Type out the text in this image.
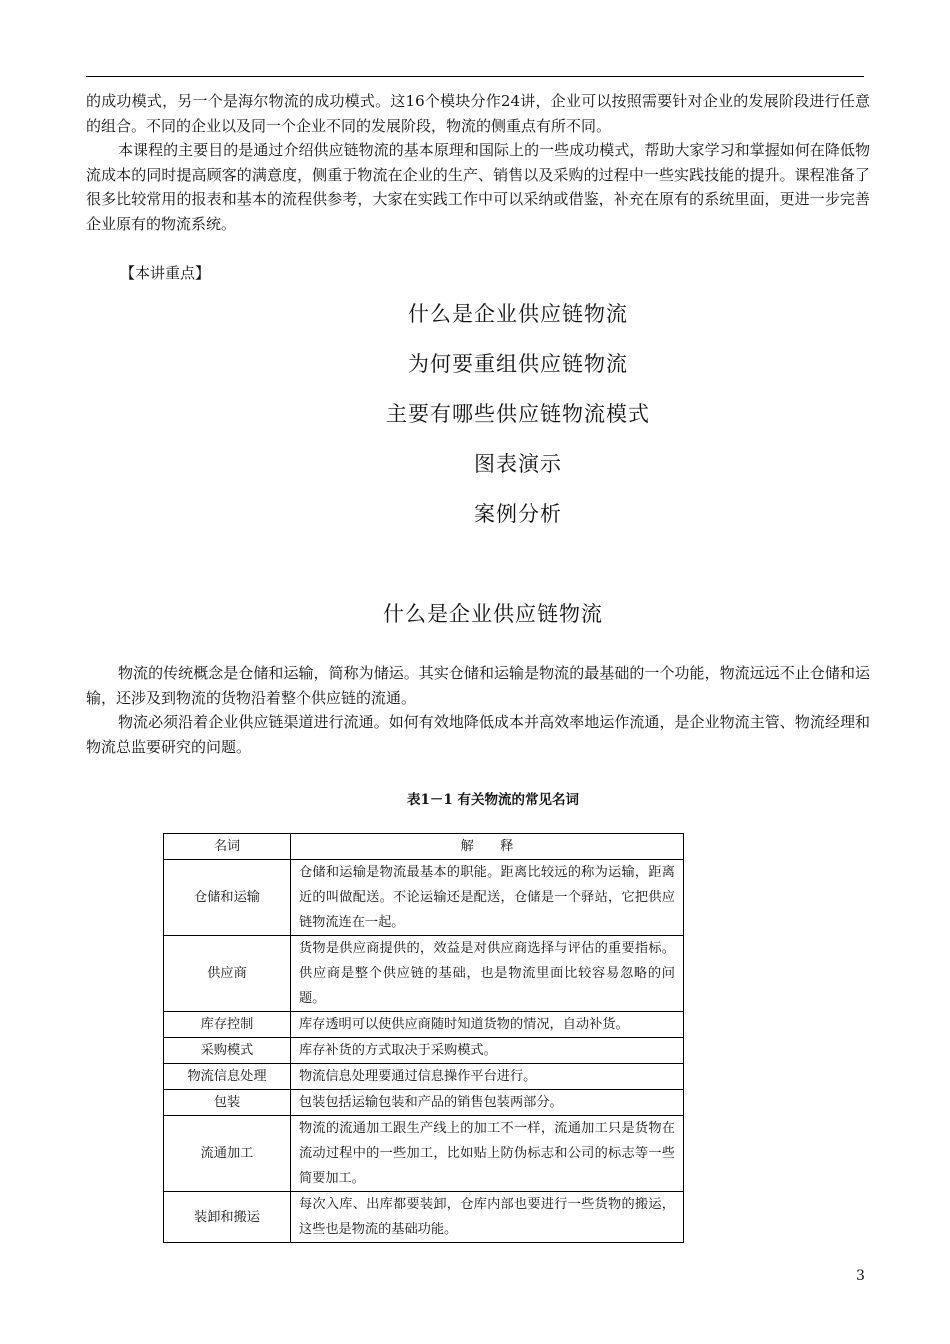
的成功模式，另一个是海尔物流的成功模式。这16个模块分作24讲，企业可以按照需要针对企业的发展阶段进行任意的组合。不同的企业以及同一个企业不同的发展阶段，物流的侧重点有所不同。

本课程的主要目的是通过介绍供应链物流的基本原理和国际上的一些成功模式，帮助大家学习和掌握如何在降低物流成本的同时提高顾客的满意度，侧重于物流在企业的生产、销售以及采购的过程中一些实践技能的提升。课程准备了很多比较常用的报表和基本的流程供参考，大家在实践工作中可以采纳或借鉴，补充在原有的系统里面，更进一步完善企业原有的物流系统。

【本讲重点】
什么是企业供应链物流
为何要重组供应链物流
主要有哪些供应链物流模式
图表演示
案例分析
什么是企业供应链物流

物流的传统概念是仓储和运输，简称为储运。其实仓储和运输是物流的最基础的一个功能，物流远远不止仓储和运输，还涉及到物流的货物沿着整个供应链的流通。

物流必须沿着企业供应链渠道进行流通。如何有效地降低成本并高效率地运作流通，是企业物流主管、物流经理和物流总监要研究的问题。

表1－1 有关物流的常见名词
名词	解　　释
仓储和运输	仓储和运输是物流最基本的职能。距离比较远的称为运输，距离近的叫做配送。不论运输还是配送，仓储是一个驿站，它把供应链物流连在一起。
供应商	货物是供应商提供的，效益是对供应商选择与评估的重要指标。供应商是整个供应链的基础，也是物流里面比较容易忽略的问题。
库存控制	库存透明可以使供应商随时知道货物的情况，自动补货。
采购模式	库存补货的方式取决于采购模式。
物流信息处理	物流信息处理要通过信息操作平台进行。
包装	包装包括运输包装和产品的销售包装两部分。
流通加工	物流的流通加工跟生产线上的加工不一样，流通加工只是货物在流动过程中的一些加工，比如贴上防伪标志和公司的标志等一些简要加工。
装卸和搬运	每次入库、出库都要装卸，仓库内部也要进行一些货物的搬运，这些也是物流的基础功能。
3
